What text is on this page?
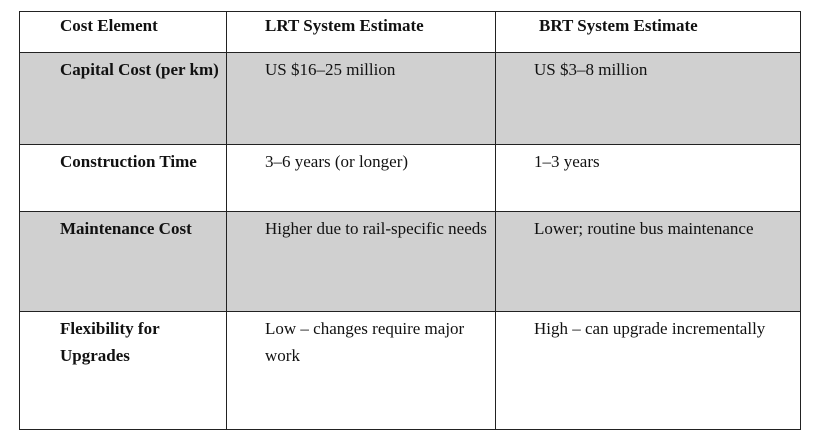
Cost Element	LRT System Estimate	BRT System Estimate
Capital Cost (per km)	US $16–25 million	US $3–8 million
Construction Time	3–6 years (or longer)	1–3 years
Maintenance Cost	Higher due to rail-specific needs	Lower; routine bus maintenance
Flexibility for Upgrades	Low – changes require major work	High – can upgrade incrementally
